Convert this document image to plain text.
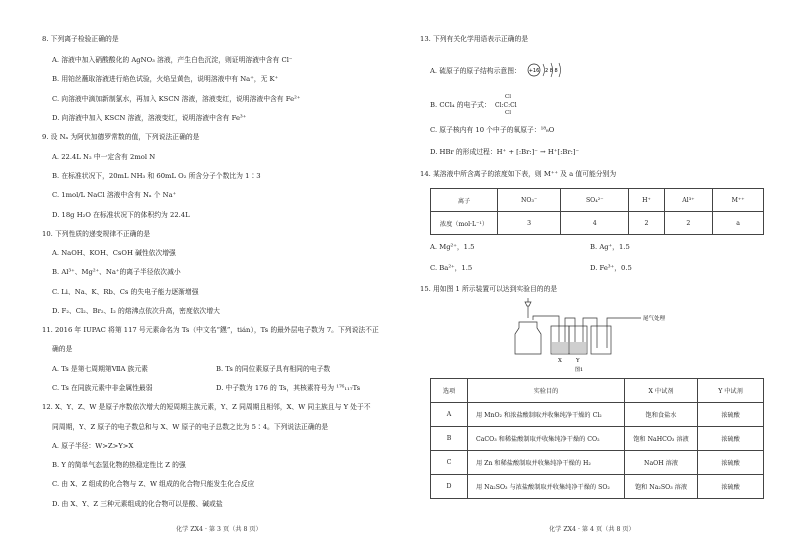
8. 下列离子检验正确的是
A. 溶液中加入硝酸酸化的 AgNO₃ 溶液，产生白色沉淀，则证明溶液中含有 Cl⁻
B. 用铂丝蘸取溶液进行焰色试验，火焰呈黄色，说明溶液中有 Na⁺，无 K⁺
C. 向溶液中滴加新制氯水，再加入 KSCN 溶液，溶液变红，说明溶液中含有 Fe²⁺
D. 向溶液中加入 KSCN 溶液，溶液变红，说明溶液中含有 Fe³⁺
9. 设 Nₐ 为阿伏加德罗常数的值，下列说法正确的是
A. 22.4L N₂ 中一定含有 2mol N
B. 在标准状况下，20mL NH₃ 和 60mL O₂ 所含分子个数比为 1∶3
C. 1mol/L NaCl 溶液中含有 Nₐ 个 Na⁺
D. 18g H₂O 在标准状况下的体积约为 22.4L
10. 下列性质的递变规律不正确的是
A. NaOH、KOH、CsOH 碱性依次增强
B. Al³⁺、Mg²⁺、Na⁺的离子半径依次减小
C. Li、Na、K、Rb、Cs 的失电子能力逐渐增强
D. F₂、Cl₂、Br₂、I₂ 的熔沸点依次升高，密度依次增大
11. 2016 年 IUPAC 将第 117 号元素命名为 Ts（中文名“𨭆”，tián），Ts 的最外层电子数为 7。下列说法不正
确的是
A. Ts 是第七周期第ⅦA 族元素	B. Ts 的同位素原子具有相同的电子数
C. Ts 在同族元素中非金属性最弱	D. 中子数为 176 的 Ts，其核素符号为 ¹⁷⁶₁₁₇Ts
12. X、Y、Z、W 是原子序数依次增大的短周期主族元素，Y、Z 同周期且相邻，X、W 同主族且与 Y 处于不
同周期，Y、Z 原子的电子数总和与 X、W 原子的电子总数之比为 5∶4。下列说法正确的是
A. 原子半径：W>Z>Y>X
B. Y 的简单气态氢化物的热稳定性比 Z 的强
C. 由 X、Z 组成的化合物与 Z、W 组成的化合物只能发生化合反应
D. 由 X、Y、Z 三种元素组成的化合物可以是酸、碱或盐
化学 ZX4 · 第 3 页（共 8 页）
13. 下列有关化学用语表示正确的是
A. 硫原子的原子结构示意图： +16 2 8 8
B. CCl₄ 的电子式：
Cl
Cl:C:Cl
Cl
C. 原子核内有 10 个中子的氧原子：¹⁸₈O
D. HBr 的形成过程：H⁺ + [:Br:]⁻ → H⁺[:Br:]⁻
14. 某溶液中所含离子的浓度如下表，则 M⁺⁺ 及 a 值可能分别为
离子	NO₃⁻	SO₄²⁻	H⁺	Al³⁺	M⁺⁺
浓度（mol·L⁻¹）	3	4	2	2	a
A. Mg²⁺，1.5	B. Ag⁺，1.5
C. Ba²⁺，1.5	D. Fe³⁺，0.5
15. 用如图 1 所示装置可以达到实验目的的是
尾气处理
X	Y
图1
选项	实验目的	X 中试剂	Y 中试剂
A	用 MnO₂ 和浓盐酸制取并收集纯净干燥的 Cl₂	饱和食盐水	浓硫酸
B	CaCO₃ 和稀盐酸制取并收集纯净干燥的 CO₂	饱和 NaHCO₃ 溶液	浓硫酸
C	用 Zn 和稀盐酸制取并收集纯净干燥的 H₂	NaOH 溶液	浓硫酸
D	用 Na₂SO₃ 与浓盐酸制取并收集纯净干燥的 SO₂	饱和 Na₂SO₃ 溶液	浓硫酸
化学 ZX4 · 第 4 页（共 8 页）
